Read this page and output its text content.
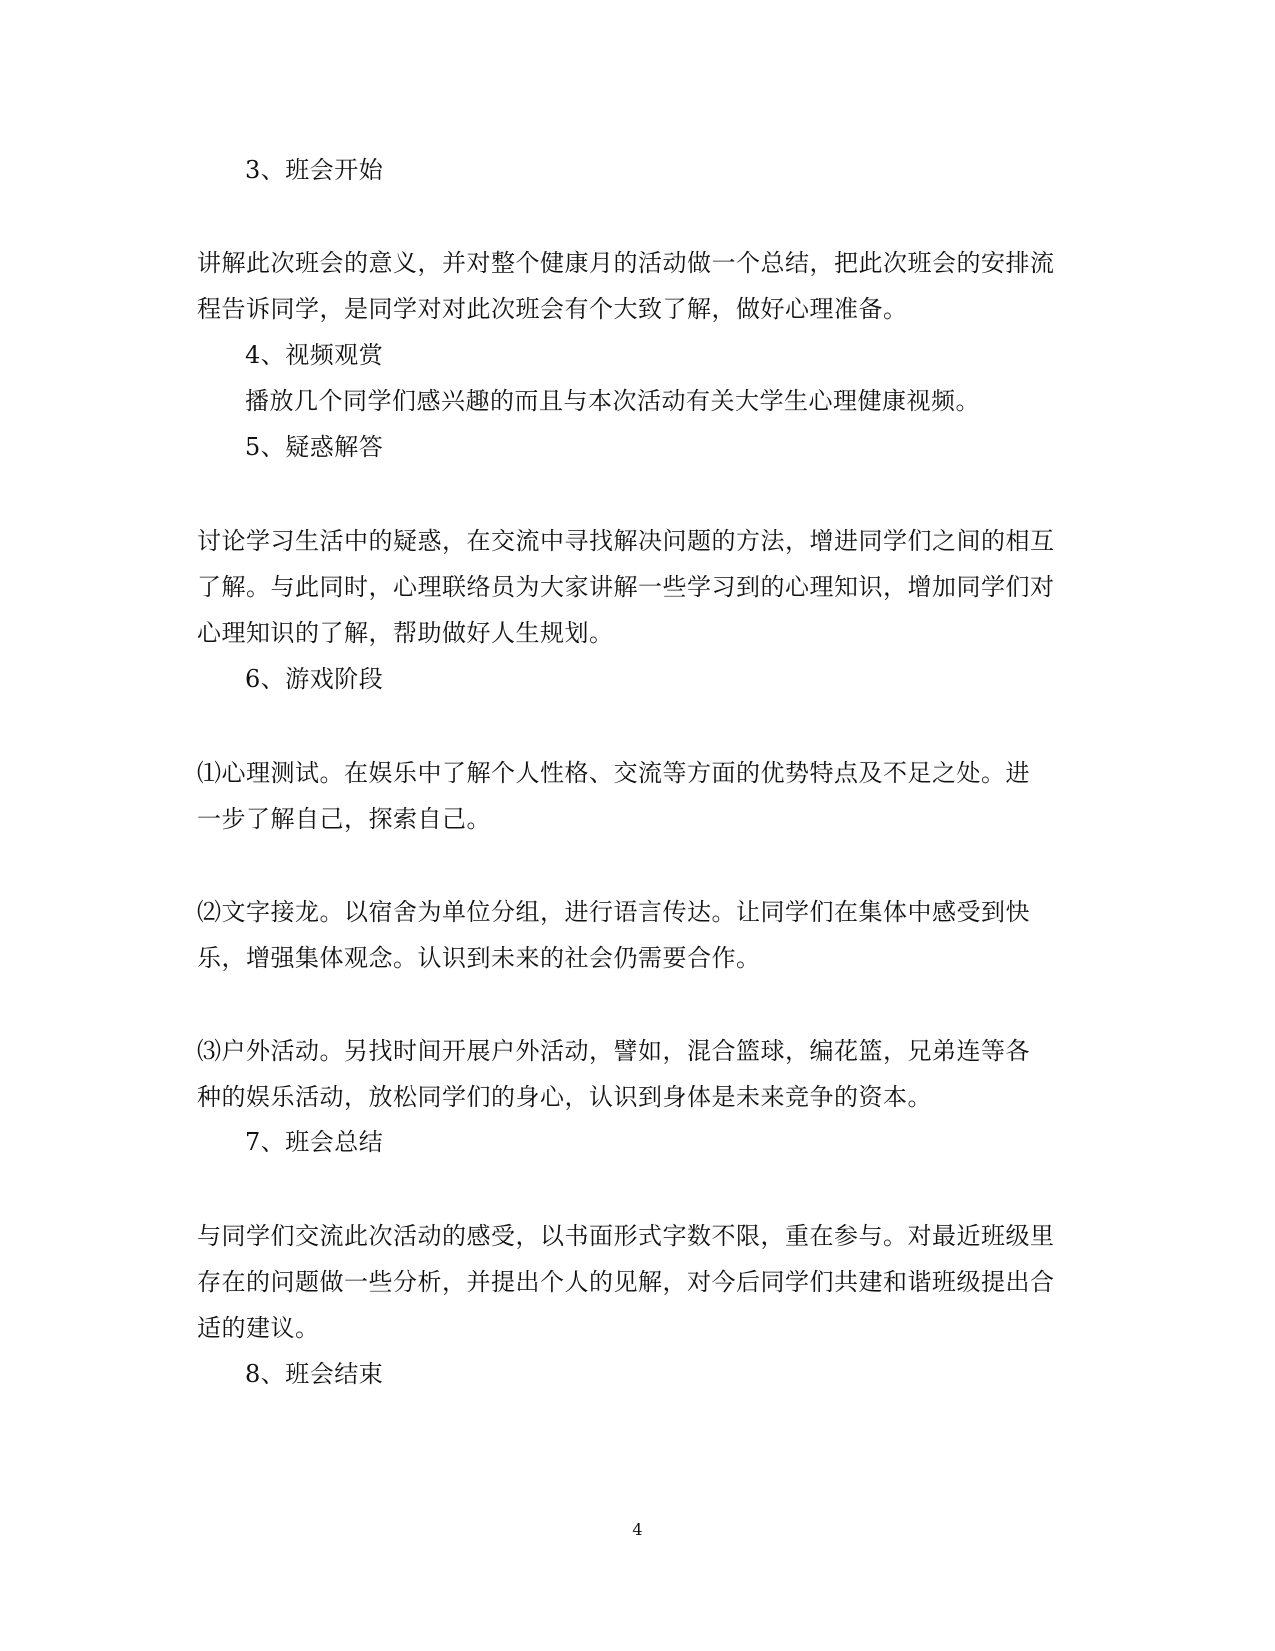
3、班会开始
讲解此次班会的意义，并对整个健康月的活动做一个总结，把此次班会的安排流
程告诉同学，是同学对对此次班会有个大致了解，做好心理准备。
4、视频观赏
播放几个同学们感兴趣的而且与本次活动有关大学生心理健康视频。
5、疑惑解答
讨论学习生活中的疑惑，在交流中寻找解决问题的方法，增进同学们之间的相互
了解。与此同时，心理联络员为大家讲解一些学习到的心理知识，增加同学们对
心理知识的了解，帮助做好人生规划。
6、游戏阶段
⑴心理测试。在娱乐中了解个人性格、交流等方面的优势特点及不足之处。进
一步了解自己，探索自己。
⑵文字接龙。以宿舍为单位分组，进行语言传达。让同学们在集体中感受到快
乐，增强集体观念。认识到未来的社会仍需要合作。
⑶户外活动。另找时间开展户外活动，譬如，混合篮球，编花篮，兄弟连等各
种的娱乐活动，放松同学们的身心，认识到身体是未来竞争的资本。
7、班会总结
与同学们交流此次活动的感受，以书面形式字数不限，重在参与。对最近班级里
存在的问题做一些分析，并提出个人的见解，对今后同学们共建和谐班级提出合
适的建议。
8、班会结束
4
